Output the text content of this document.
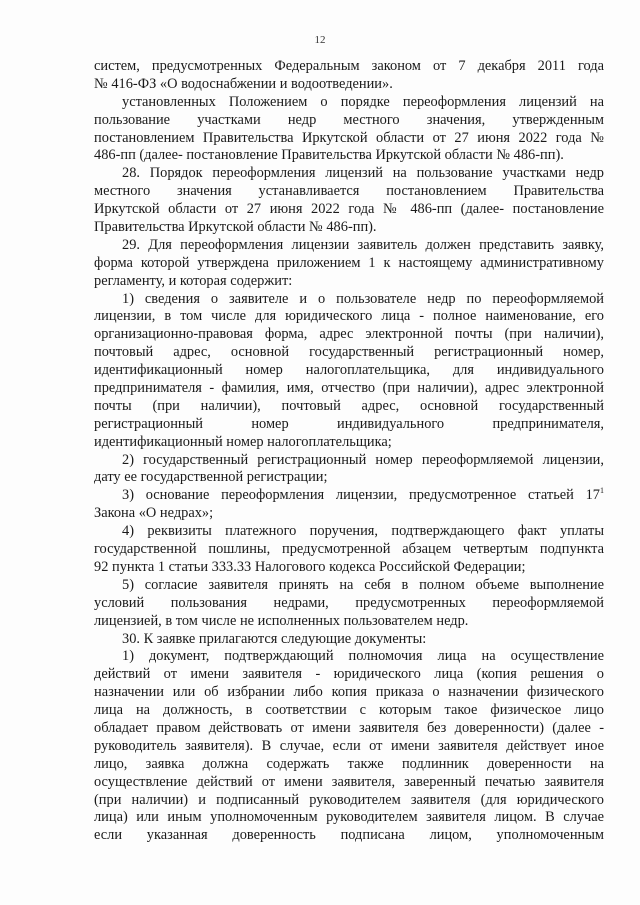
12
систем, предусмотренных Федеральным законом от 7 декабря 2011 года
№ 416-ФЗ «О водоснабжении и водоотведении».
установленных Положением о порядке переоформления лицензий на
пользование участками недр местного значения, утвержденным
постановлением Правительства Иркутской области от 27 июня 2022 года №
486-пп (далее- постановление Правительства Иркутской области № 486-пп).
28. Порядок переоформления лицензий на пользование участками недр
местного значения устанавливается постановлением Правительства
Иркутской области от 27 июня 2022 года № 486-пп (далее- постановление
Правительства Иркутской области № 486-пп).
29. Для переоформления лицензии заявитель должен представить заявку,
форма которой утверждена приложением 1 к настоящему административному
регламенту, и которая содержит:
1) сведения о заявителе и о пользователе недр по переоформляемой
лицензии, в том числе для юридического лица - полное наименование, его
организационно-правовая форма, адрес электронной почты (при наличии),
почтовый адрес, основной государственный регистрационный номер,
идентификационный номер налогоплательщика, для индивидуального
предпринимателя - фамилия, имя, отчество (при наличии), адрес электронной
почты (при наличии), почтовый адрес, основной государственный
регистрационный номер индивидуального предпринимателя,
идентификационный номер налогоплательщика;
2) государственный регистрационный номер переоформляемой лицензии,
дату ее государственной регистрации;
3) основание переоформления лицензии, предусмотренное статьей $17^1$
Закона «О недрах»;
4) реквизиты платежного поручения, подтверждающего факт уплаты
государственной пошлины, предусмотренной абзацем четвертым подпункта
92 пункта 1 статьи 333.33 Налогового кодекса Российской Федерации;
5) согласие заявителя принять на себя в полном объеме выполнение
условий пользования недрами, предусмотренных переоформляемой
лицензией, в том числе не исполненных пользователем недр.
30. К заявке прилагаются следующие документы:
1) документ, подтверждающий полномочия лица на осуществление
действий от имени заявителя - юридического лица (копия решения о
назначении или об избрании либо копия приказа о назначении физического
лица на должность, в соответствии с которым такое физическое лицо
обладает правом действовать от имени заявителя без доверенности) (далее -
руководитель заявителя). В случае, если от имени заявителя действует иное
лицо, заявка должна содержать также подлинник доверенности на
осуществление действий от имени заявителя, заверенный печатью заявителя
(при наличии) и подписанный руководителем заявителя (для юридического
лица) или иным уполномоченным руководителем заявителя лицом. В случае
если указанная доверенность подписана лицом, уполномоченным
